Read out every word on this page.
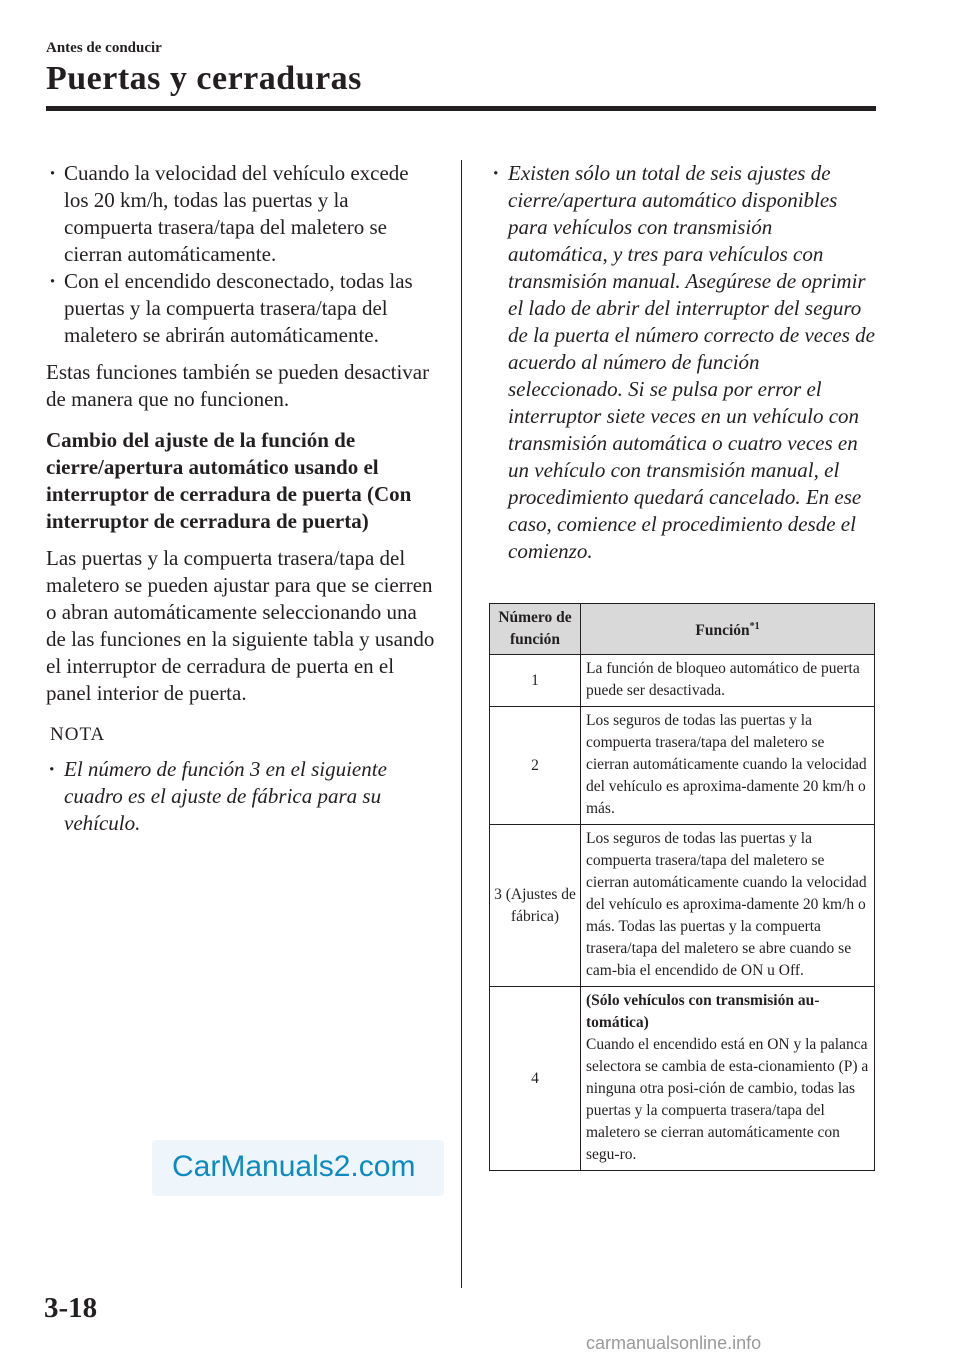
Antes de conducir
Puertas y cerraduras

· Cuando la velocidad del vehículo excede los 20 km/h, todas las puertas y la compuerta trasera/tapa del maletero se cierran automáticamente.

· Con el encendido desconectado, todas las puertas y la compuerta trasera/tapa del maletero se abrirán automáticamente.

Estas funciones también se pueden desactivar de manera que no funcionen.

Cambio del ajuste de la función de cierre/apertura automático usando el interruptor de cerradura de puerta (Con interruptor de cerradura de puerta)

Las puertas y la compuerta trasera/tapa del maletero se pueden ajustar para que se cierren o abran automáticamente seleccionando una de las funciones en la siguiente tabla y usando el interruptor de cerradura de puerta en el panel interior de puerta.

NOTA

· El número de función 3 en el siguiente cuadro es el ajuste de fábrica para su vehículo.

· Existen sólo un total de seis ajustes de cierre/apertura automático disponibles para vehículos con transmisión automática, y tres para vehículos con transmisión manual. Asegúrese de oprimir el lado de abrir del interruptor del seguro de la puerta el número correcto de veces de acuerdo al número de función seleccionado. Si se pulsa por error el interruptor siete veces en un vehículo con transmisión automática o cuatro veces en un vehículo con transmisión manual, el procedimiento quedará cancelado. En ese caso, comience el procedimiento desde el comienzo.

Número de función	Función$^{*1}$
1	La función de bloqueo automático de puerta puede ser desactivada.
2	Los seguros de todas las puertas y la compuerta trasera/tapa del maletero se cierran automáticamente cuando la velocidad del vehículo es aproxima-damente 20 km/h o más.
3 (Ajustes de fábrica)	Los seguros de todas las puertas y la compuerta trasera/tapa del maletero se cierran automáticamente cuando la velocidad del vehículo es aproxima-damente 20 km/h o más. Todas las puertas y la compuerta trasera/tapa del maletero se abre cuando se cam-bia el encendido de ON u Off.
4	(Sólo vehículos con transmisión au-tomática)
Cuando el encendido está en ON y la palanca selectora se cambia de esta-cionamiento (P) a ninguna otra posi-ción de cambio, todas las puertas y la compuerta trasera/tapa del maletero se cierran automáticamente con segu-ro.
CarManuals2.com
3-18
carmanualsonline.info
